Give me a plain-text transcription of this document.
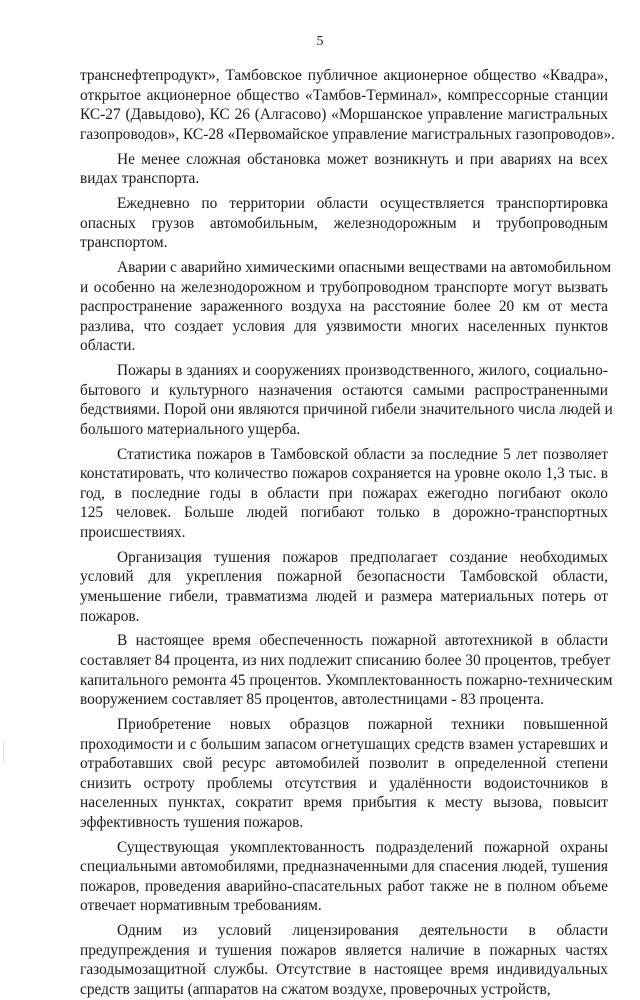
5
транснефтепродукт», Тамбовское публичное акционерное общество «Квадра»,
открытое акционерное общество «Тамбов-Терминал», компрессорные станции
КС-27 (Давыдово), КС 26 (Алгасово) «Моршанское управление магистральных
газопроводов», КС-28 «Первомайское управление магистральных газопроводов».
Не менее сложная обстановка может возникнуть и при авариях на всех
видах транспорта.
Ежедневно по территории области осуществляется транспортировка
опасных грузов автомобильным, железнодорожным и трубопроводным
транспортом.
Аварии с аварийно химическими опасными веществами на автомобильном
и особенно на железнодорожном и трубопроводном транспорте могут вызвать
распространение зараженного воздуха на расстояние более 20 км от места
разлива, что создает условия для уязвимости многих населенных пунктов
области.
Пожары в зданиях и сооружениях производственного, жилого, социально-
бытового и культурного назначения остаются самыми распространенными
бедствиями. Порой они являются причиной гибели значительного числа людей и
большого материального ущерба.
Статистика пожаров в Тамбовской области за последние 5 лет позволяет
констатировать, что количество пожаров сохраняется на уровне около 1,3 тыс. в
год, в последние годы в области при пожарах ежегодно погибают около
125 человек. Больше людей погибают только в дорожно-транспортных
происшествиях.
Организация тушения пожаров предполагает создание необходимых
условий для укрепления пожарной безопасности Тамбовской области,
уменьшение гибели, травматизма людей и размера материальных потерь от
пожаров.
В настоящее время обеспеченность пожарной автотехникой в области
составляет 84 процента, из них подлежит списанию более 30 процентов, требует
капитального ремонта 45 процентов. Укомплектованность пожарно-техническим
вооружением составляет 85 процентов, автолестницами - 83 процента.
Приобретение новых образцов пожарной техники повышенной
проходимости и с большим запасом огнетушащих средств взамен устаревших и
отработавших свой ресурс автомобилей позволит в определенной степени
снизить остроту проблемы отсутствия и удалённости водоисточников в
населенных пунктах, сократит время прибытия к месту вызова, повысит
эффективность тушения пожаров.
Существующая укомплектованность подразделений пожарной охраны
специальными автомобилями, предназначенными для спасения людей, тушения
пожаров, проведения аварийно-спасательных работ также не в полном объеме
отвечает нормативным требованиям.
Одним из условий лицензирования деятельности в области
предупреждения и тушения пожаров является наличие в пожарных частях
газодымозащитной службы. Отсутствие в настоящее время индивидуальных
средств защиты (аппаратов на сжатом воздухе, проверочных устройств,
